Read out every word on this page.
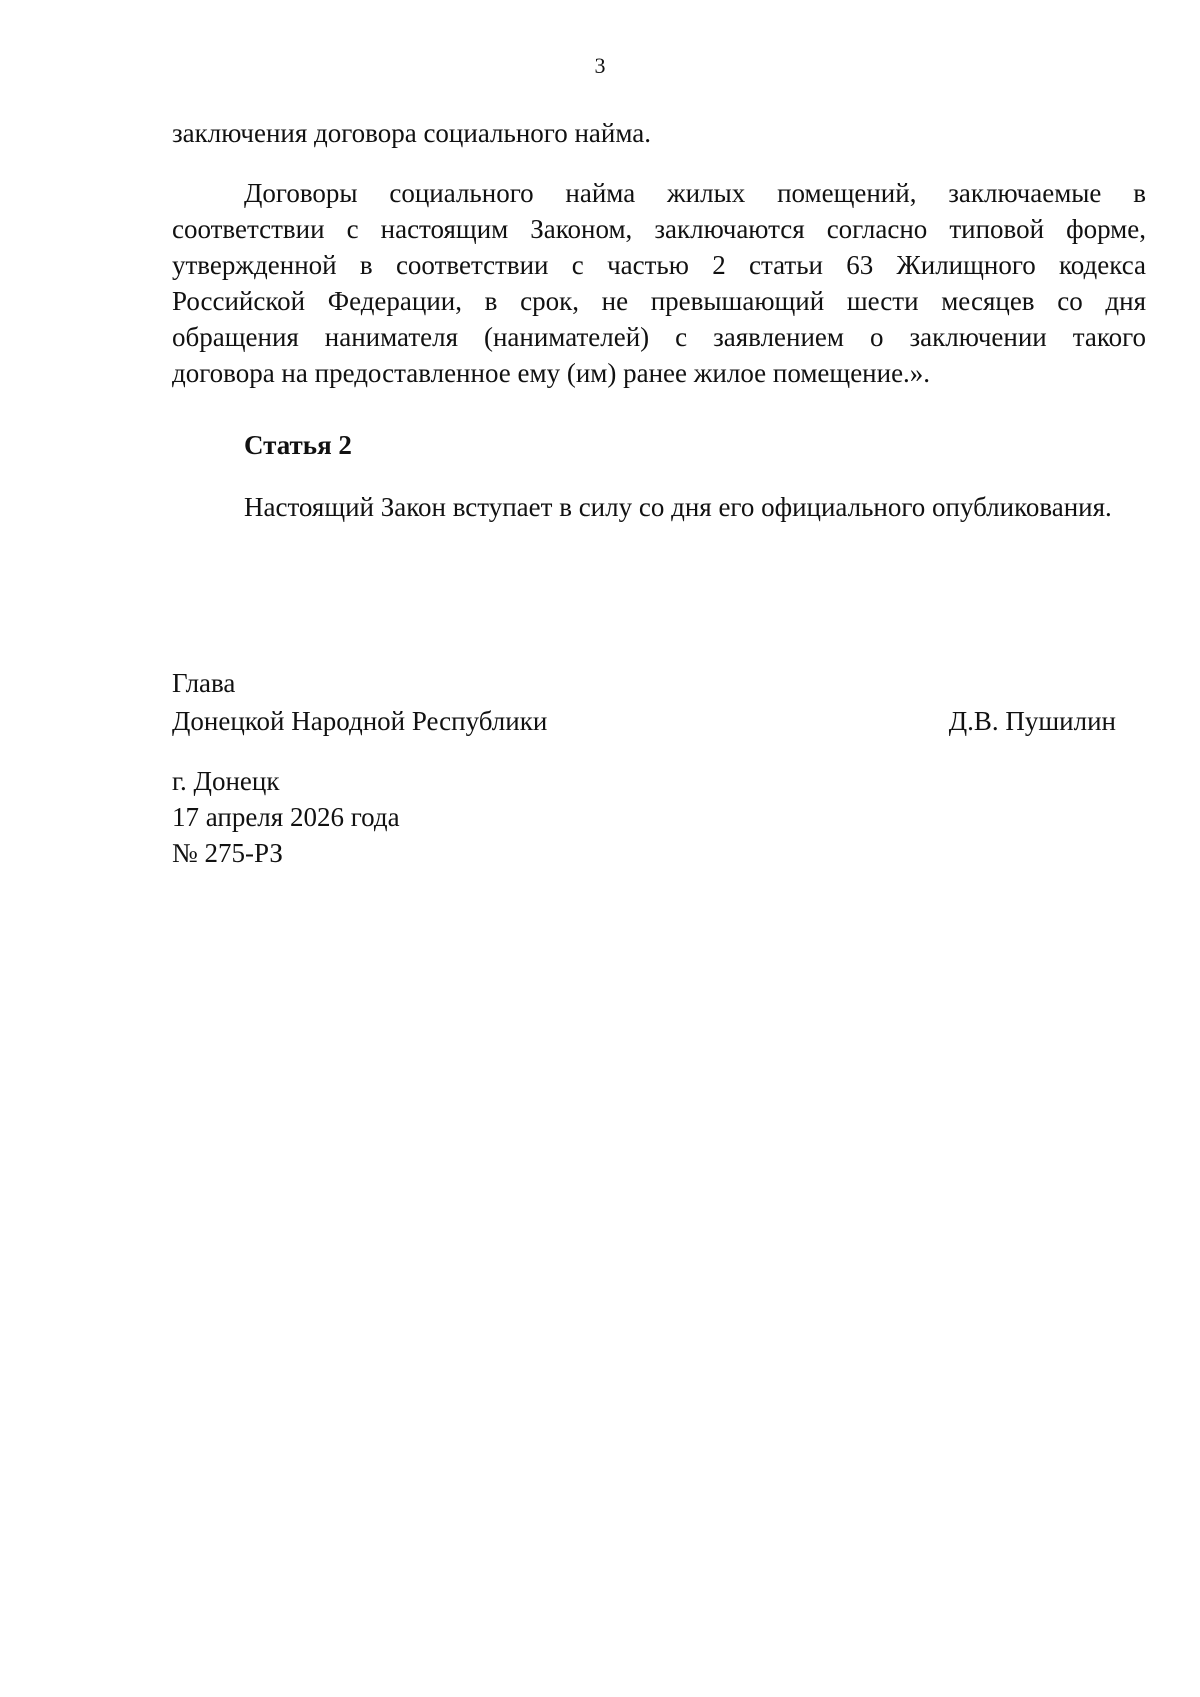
3
заключения договора социального найма.
Договоры социального найма жилых помещений, заключаемые в
соответствии с настоящим Законом, заключаются согласно типовой форме,
утвержденной в соответствии с частью 2 статьи 63 Жилищного кодекса
Российской Федерации, в срок, не превышающий шести месяцев со дня
обращения нанимателя (нанимателей) с заявлением о заключении такого
договора на предоставленное ему (им) ранее жилое помещение.».
Статья 2
Настоящий Закон вступает в силу со дня его официального опубликования.
Глава
Донецкой Народной Республики	Д.В. Пушилин
г. Донецк
17 апреля 2026 года
№ 275-РЗ
